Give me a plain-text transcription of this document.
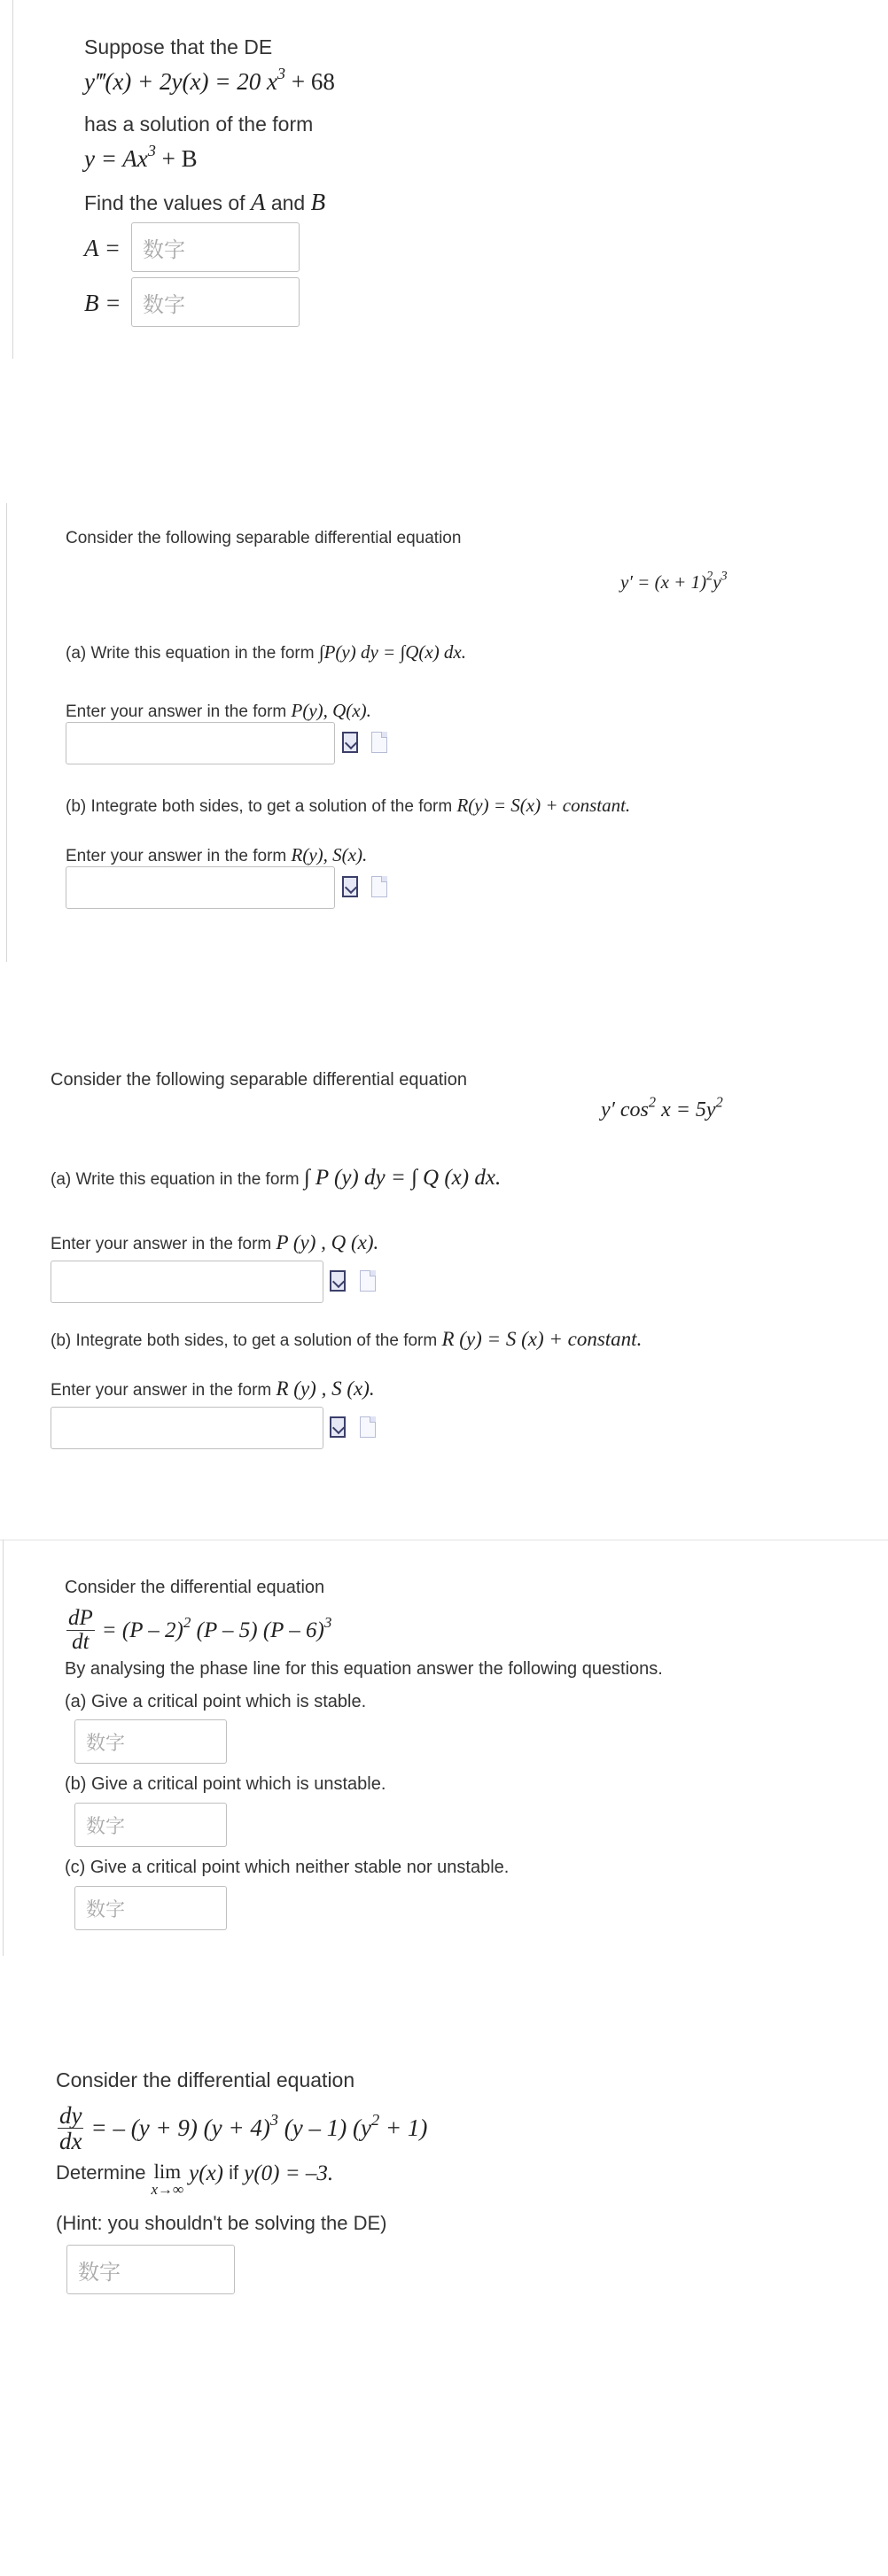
Suppose that the DE
y‴(x) + 2y(x) = 20 $x^3 + 68$
has a solution of the form
$y = Ax^3 + B$
Find the values of A and B
A = 数字
B = 数字
Consider the following separable differential equation
$y' = (x + 1)^2y^3$
(a) Write this equation in the form ∫P(y) dy = ∫Q(x) dx.
Enter your answer in the form P(y), Q(x).
(b) Integrate both sides, to get a solution of the form R(y) = S(x) + constant.
Enter your answer in the form R(y), S(x).
Consider the following separable differential equation
y′ $\cos^2 x = 5y^2$
(a) Write this equation in the form ∫ P (y) dy = ∫ Q (x) dx.
Enter your answer in the form P (y) , Q (x).
(b) Integrate both sides, to get a solution of the form R (y) = S (x) + constant.
Enter your answer in the form R (y) , S (x).
Consider the differential equation
$\frac{dP}{dt} = (P - 2)^2$ (P – 5) (P – 6)$^3$
By analysing the phase line for this equation answer the following questions.
(a) Give a critical point which is stable.
数字
(b) Give a critical point which is unstable.
数字
(c) Give a critical point which neither stable nor unstable.
数字
Consider the differential equation
$\frac{dy}{dx}$ = – (y + 9) $(y + 4)^3$ (y – 1) $(y^2 + 1)$
Determine lim
x→∞
y(x) if y(0) = –3.
(Hint: you shouldn't be solving the DE)
数字
